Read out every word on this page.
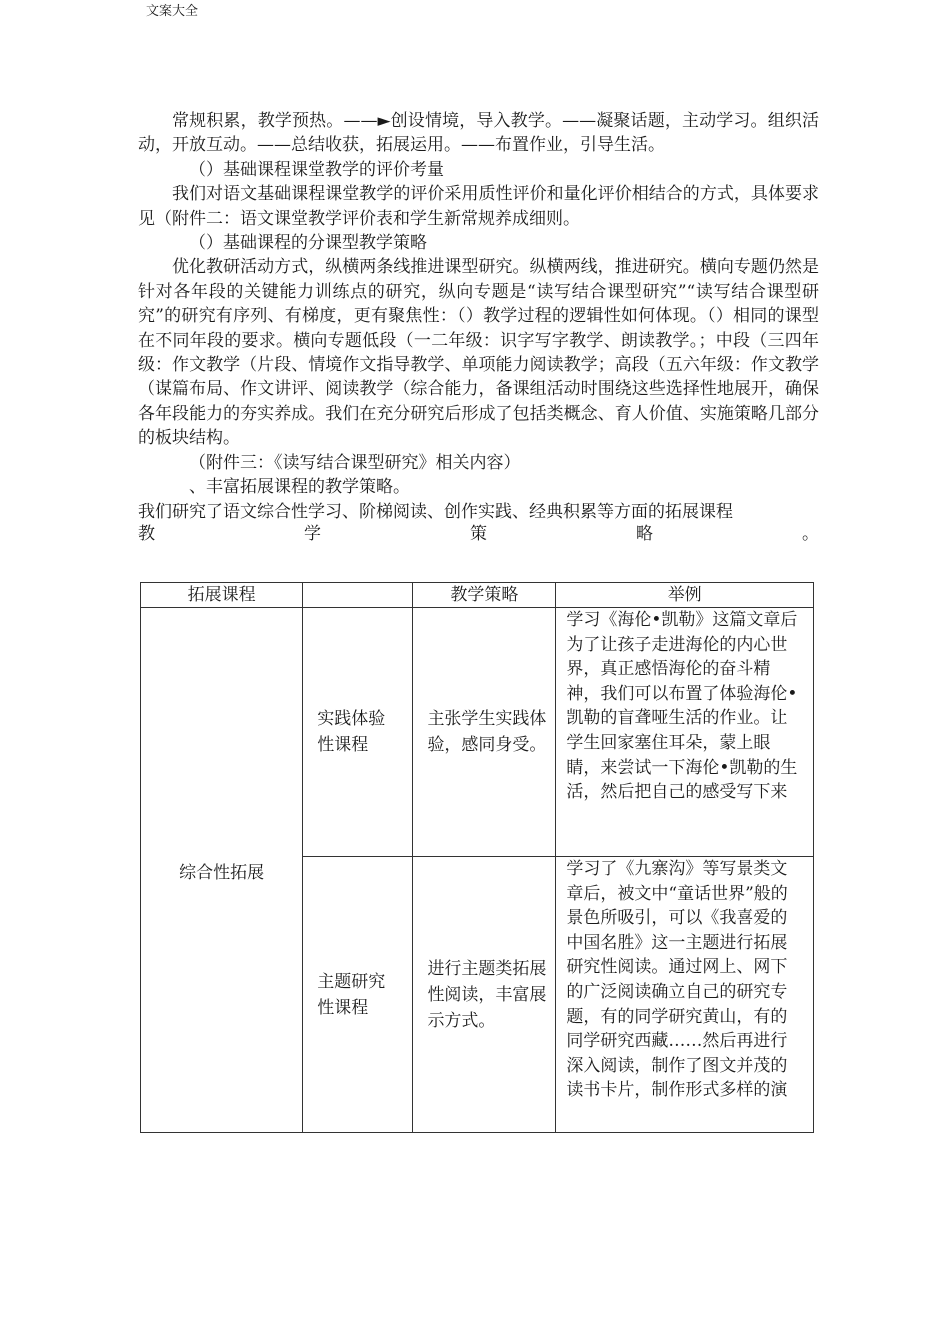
文案大全

常规积累，教学预热。——►创设情境，导入教学。——凝聚话题，主动学习。组织活动，开放互动。——总结收获，拓展运用。——布置作业，引导生活。

（）基础课程课堂教学的评价考量

我们对语文基础课程课堂教学的评价采用质性评价和量化评价相结合的方式，具体要求见（附件二：语文课堂教学评价表和学生新常规养成细则。

（）基础课程的分课型教学策略

优化教研活动方式，纵横两条线推进课型研究。纵横两线，推进研究。横向专题仍然是针对各年段的关键能力训练点的研究，纵向专题是“读写结合课型研究”“读写结合课型研究”的研究有序列、有梯度，更有聚焦性：（）教学过程的逻辑性如何体现。（）相同的课型在不同年段的要求。横向专题低段（一二年级：识字写字教学、朗读教学。；中段（三四年级：作文教学（片段、情境作文指导教学、单项能力阅读教学；高段（五六年级：作文教学（谋篇布局、作文讲评、阅读教学（综合能力，备课组活动时围绕这些选择性地展开，确保各年段能力的夯实养成。我们在充分研究后形成了包括类概念、育人价值、实施策略几部分的板块结构。

（附件三：《读写结合课型研究》相关内容）

、丰富拓展课程的教学策略。

我们研究了语文综合性学习、阶梯阅读、创作实践、经典积累等方面的拓展课程

教	学	策	略	。
拓展课程		教学策略	举例
综合性拓展	实践体验性课程	主张学生实践体验，感同身受。	学习《海伦•凯勒》这篇文章后为了让孩子走进海伦的内心世界，真正感悟海伦的奋斗精神，我们可以布置了体验海伦•凯勒的盲聋哑生活的作业。让学生回家塞住耳朵，蒙上眼睛，来尝试一下海伦•凯勒的生活，然后把自己的感受写下来
	主题研究性课程	进行主题类拓展性阅读，丰富展示方式。	学习了《九寨沟》等写景类文章后，被文中“童话世界”般的景色所吸引，可以《我喜爱的中国名胜》这一主题进行拓展研究性阅读。通过网上、网下的广泛阅读确立自己的研究专题，有的同学研究黄山，有的同学研究西藏……然后再进行深入阅读，制作了图文并茂的读书卡片，制作形式多样的演
